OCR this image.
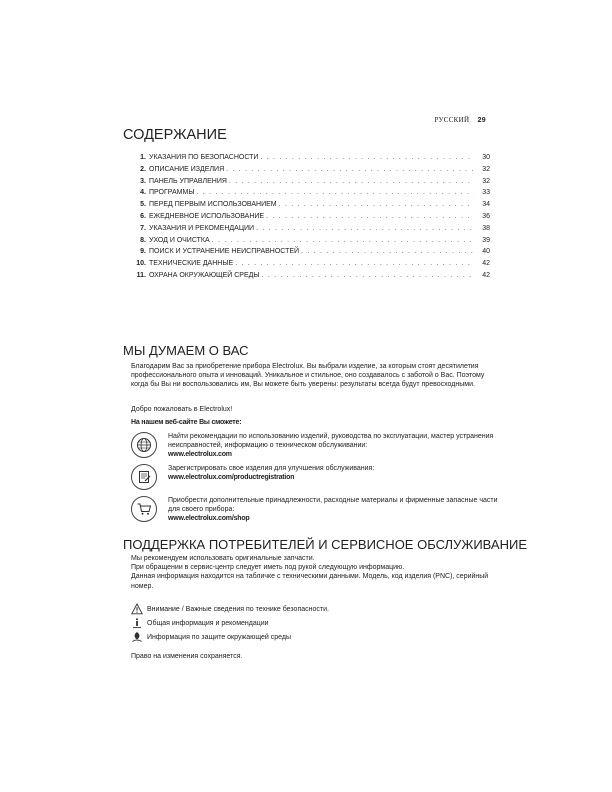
РУССКИЙ 29
СОДЕРЖАНИЕ
1. УКАЗАНИЯ ПО БЕЗОПАСНОСТИ . . .	30
2. ОПИСАНИЕ ИЗДЕЛИЯ . . .	32
3. ПАНЕЛЬ УПРАВЛЕНИЯ . . .	32
4. ПРОГРАММЫ . . .	33
5. ПЕРЕД ПЕРВЫМ ИСПОЛЬЗОВАНИЕМ . . .	34
6. ЕЖЕДНЕВНОЕ ИСПОЛЬЗОВАНИЕ . . .	36
7. УКАЗАНИЯ И РЕКОМЕНДАЦИИ . . .	38
8. УХОД И ОЧИСТКА . . .	39
9. ПОИСК И УСТРАНЕНИЕ НЕИСПРАВНОСТЕЙ . . .	40
10. ТЕХНИЧЕСКИЕ ДАННЫЕ . . .	42
11. ОХРАНА ОКРУЖАЮЩЕЙ СРЕДЫ . . .	42
МЫ ДУМАЕМ О ВАС
Благодарим Вас за приобретение прибора Electrolux. Вы выбрали изделие, за которым стоят десятилетия профессионального опыта и инноваций. Уникальное и стильное, оно создавалось с заботой о Вас. Поэтому когда бы Вы ни воспользовались им, Вы можете быть уверены: результаты всегда будут превосходными.
Добро пожаловать в Electrolux!
На нашем веб-сайте Вы сможете:
Найти рекомендации по использованию изделий, руководства по эксплуатации, мастер устранения неисправностей, информацию о техническом обслуживании:
www.electrolux.com
Зарегистрировать свое изделия для улучшения обслуживания:
www.electrolux.com/productregistration
Приобрести дополнительные принадлежности, расходные материалы и фирменные запасные части для своего прибора:
www.electrolux.com/shop
ПОДДЕРЖКА ПОТРЕБИТЕЛЕЙ И СЕРВИСНОЕ ОБСЛУЖИВАНИЕ
Мы рекомендуем использовать оригинальные запчасти.
При обращении в сервис-центр следует иметь под рукой следующую информацию.
Данная информация находится на табличке с техническими данными. Модель, код изделия (PNC), серийный номер.
Внимание / Важные сведения по технике безопасности.
Общая информация и рекомендации
Информация по защите окружающей среды
Право на изменения сохраняется.
